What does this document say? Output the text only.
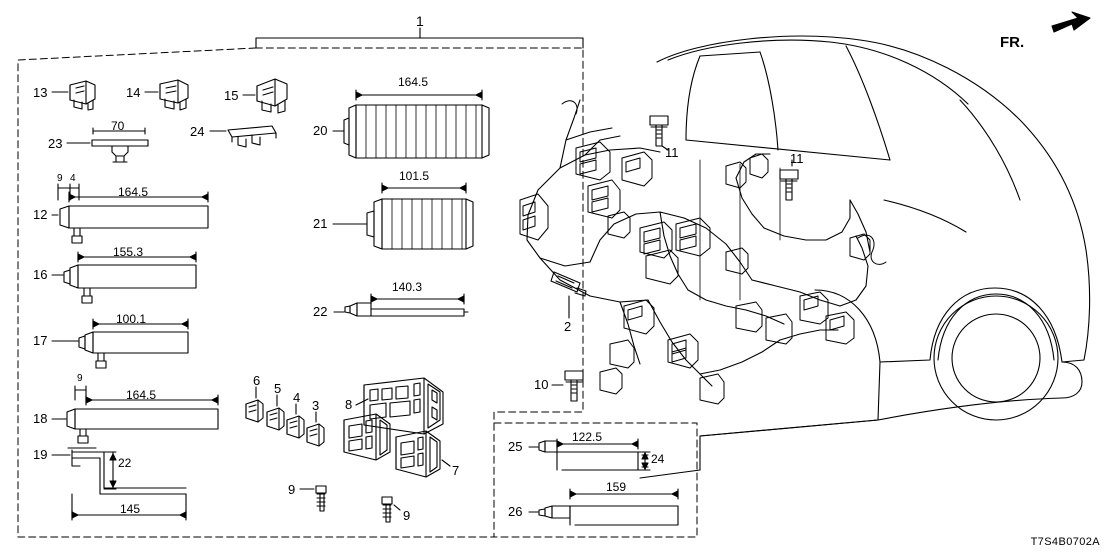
FR.
1
13	14	15
23
24	20
12
21
16
22
17
18
19
6
5
4
3 8
7
9
9
25
26
2
10
11	11
164.5
70
9 4
164.5
101.5
155.3
140.3
100.1
9
164.5
22
145
122.5
24
159
T7S4B0702A
